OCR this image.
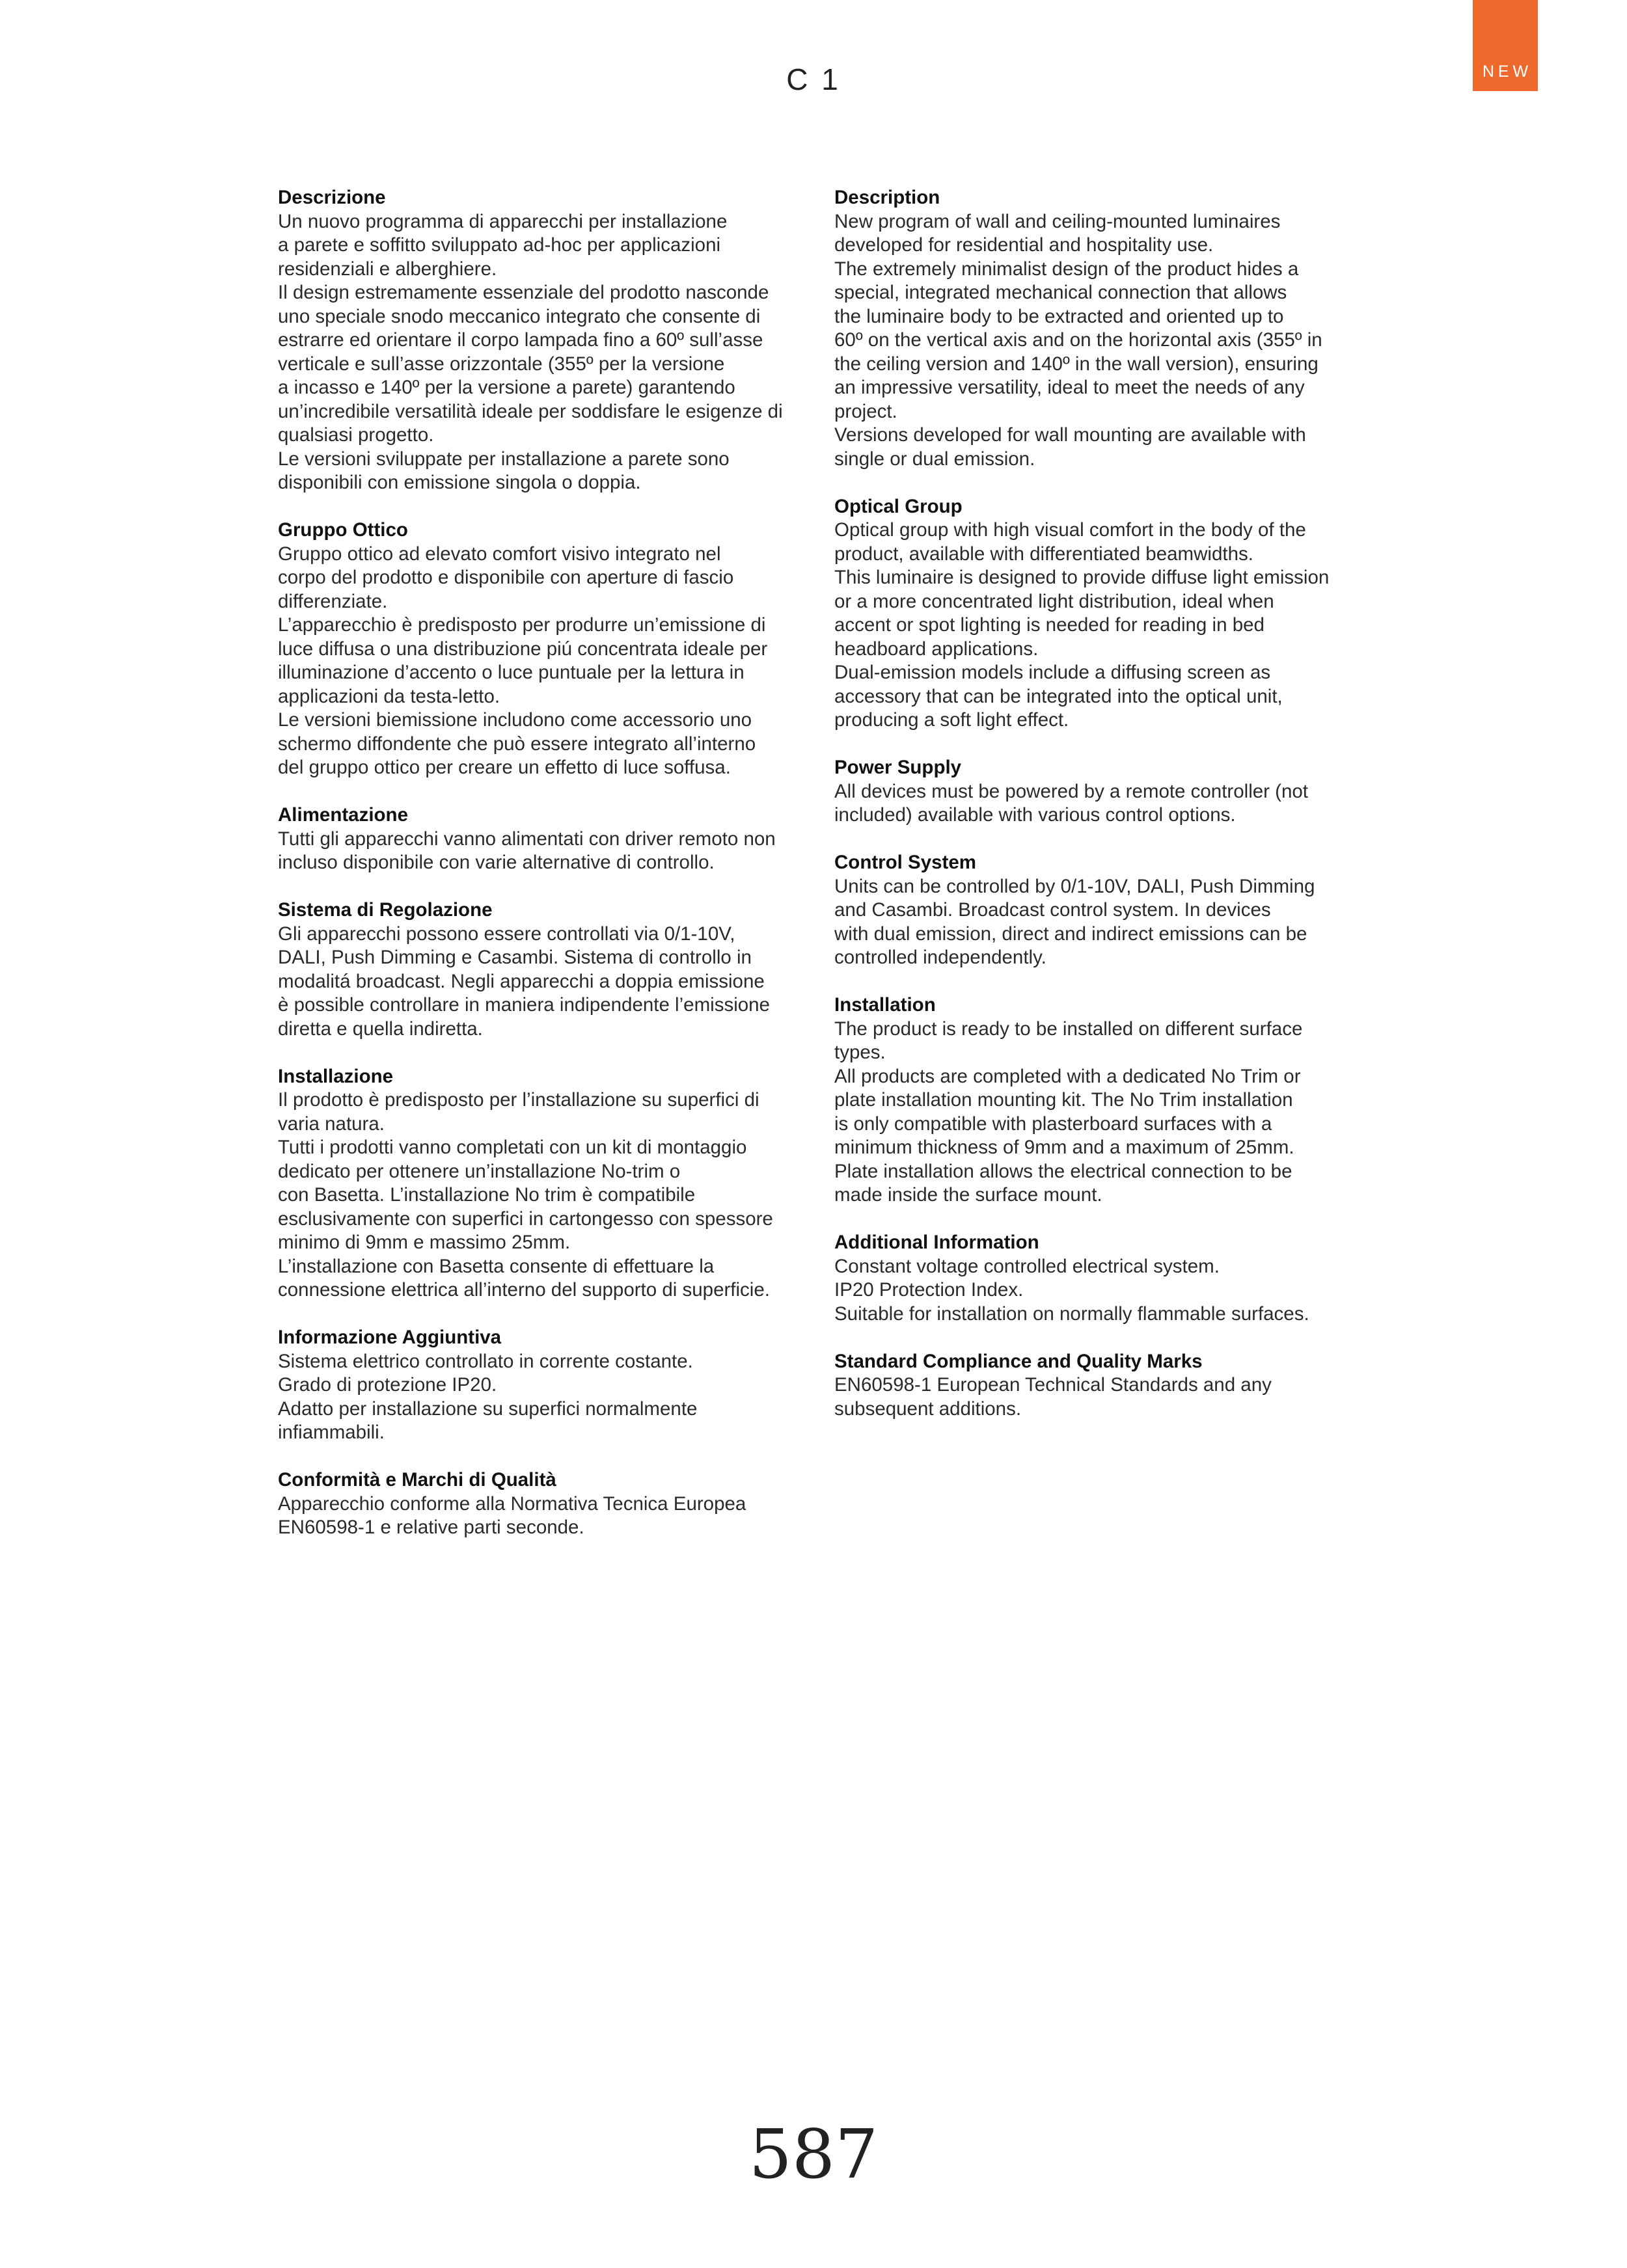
C 1	NEW
Descrizione

Un nuovo programma di apparecchi per installazione
a parete e soffitto sviluppato ad-hoc per applicazioni
residenziali e alberghiere.
Il design estremamente essenziale del prodotto nasconde
uno speciale snodo meccanico integrato che consente di
estrarre ed orientare il corpo lampada fino a 60º sull’asse
verticale e sull’asse orizzontale (355º per la versione
a incasso e 140º per la versione a parete) garantendo
un’incredibile versatilità ideale per soddisfare le esigenze di
qualsiasi progetto.
Le versioni sviluppate per installazione a parete sono
disponibili con emissione singola o doppia.

Gruppo Ottico

Gruppo ottico ad elevato comfort visivo integrato nel
corpo del prodotto e disponibile con aperture di fascio
differenziate.
L’apparecchio è predisposto per produrre un’emissione di
luce diffusa o una distribuzione piú concentrata ideale per
illuminazione d’accento o luce puntuale per la lettura in
applicazioni da testa-letto.
Le versioni biemissione includono come accessorio uno
schermo diffondente che può essere integrato all’interno
del gruppo ottico per creare un effetto di luce soffusa.

Alimentazione

Tutti gli apparecchi vanno alimentati con driver remoto non
incluso disponibile con varie alternative di controllo.

Sistema di Regolazione

Gli apparecchi possono essere controllati via 0/1-10V,
DALI, Push Dimming e Casambi. Sistema di controllo in
modalitá broadcast. Negli apparecchi a doppia emissione
è possible controllare in maniera indipendente l’emissione
diretta e quella indiretta.

Installazione

Il prodotto è predisposto per l’installazione su superfici di
varia natura.
Tutti i prodotti vanno completati con un kit di montaggio
dedicato per ottenere un’installazione No-trim o
con Basetta. L’installazione No trim è compatibile
esclusivamente con superfici in cartongesso con spessore
minimo di 9mm e massimo 25mm.
L’installazione con Basetta consente di effettuare la
connessione elettrica all’interno del supporto di superficie.

Informazione Aggiuntiva

Sistema elettrico controllato in corrente costante.
Grado di protezione IP20.
Adatto per installazione su superfici normalmente
infiammabili.

Conformità e Marchi di Qualità

Apparecchio conforme alla Normativa Tecnica Europea
EN60598-1 e relative parti seconde.

Description

New program of wall and ceiling-mounted luminaires
developed for residential and hospitality use.
The extremely minimalist design of the product hides a
special, integrated mechanical connection that allows
the luminaire body to be extracted and oriented up to
60º on the vertical axis and on the horizontal axis (355º in
the ceiling version and 140º in the wall version), ensuring
an impressive versatility, ideal to meet the needs of any
project.
Versions developed for wall mounting are available with
single or dual emission.

Optical Group

Optical group with high visual comfort in the body of the
product, available with differentiated beamwidths.
This luminaire is designed to provide diffuse light emission
or a more concentrated light distribution, ideal when
accent or spot lighting is needed for reading in bed
headboard applications.
Dual-emission models include a diffusing screen as
accessory that can be integrated into the optical unit,
producing a soft light effect.

Power Supply

All devices must be powered by a remote controller (not
included) available with various control options.

Control System

Units can be controlled by 0/1-10V, DALI, Push Dimming
and Casambi. Broadcast control system. In devices
with dual emission, direct and indirect emissions can be
controlled independently.

Installation

The product is ready to be installed on different surface
types.
All products are completed with a dedicated No Trim or
plate installation mounting kit. The No Trim installation
is only compatible with plasterboard surfaces with a
minimum thickness of 9mm and a maximum of 25mm.
Plate installation allows the electrical connection to be
made inside the surface mount.

Additional Information

Constant voltage controlled electrical system.
IP20 Protection Index.
Suitable for installation on normally flammable surfaces.

Standard Compliance and Quality Marks

EN60598-1 European Technical Standards and any
subsequent additions.

587
